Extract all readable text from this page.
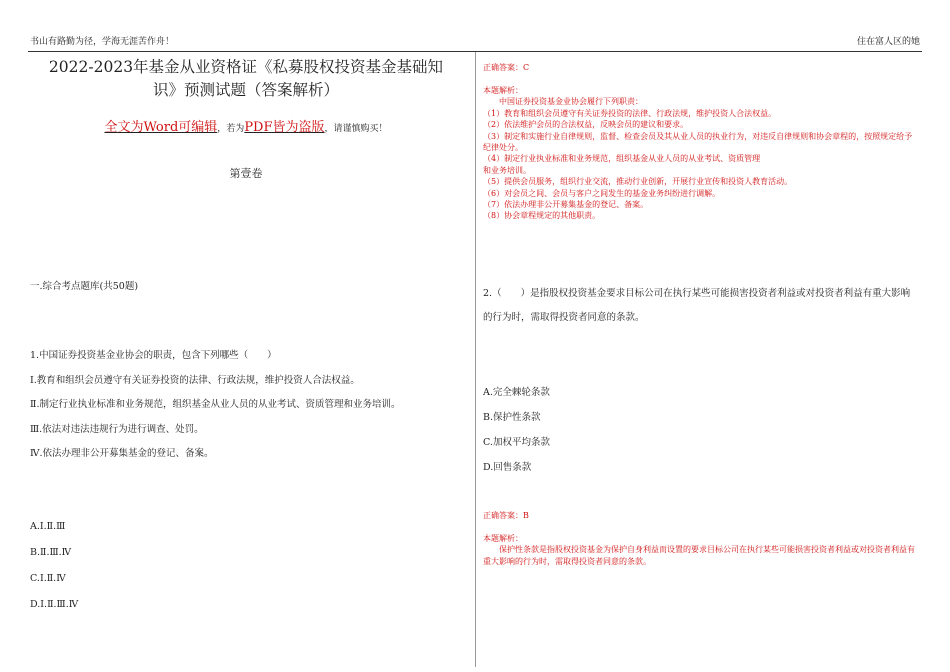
书山有路勤为径，学海无涯苦作舟！	住在富人区的她
2022-2023年基金从业资格证《私募股权投资基金基础知
识》预测试题（答案解析）
全文为Word可编辑，若为PDF皆为盗版，请谨慎购买！
第壹卷
一.综合考点题库(共50题)
1.中国证券投资基金业协会的职责，包含下列哪些（　　）
Ⅰ.教育和组织会员遵守有关证券投资的法律、行政法规，维护投资人合法权益。
Ⅱ.制定行业执业标准和业务规范，组织基金从业人员的从业考试、资质管理和业务培训。
Ⅲ.依法对违法违规行为进行调查、处罚。
Ⅳ.依法办理非公开募集基金的登记、备案。
A.Ⅰ.Ⅱ.Ⅲ
B.Ⅱ.Ⅲ.Ⅳ
C.Ⅰ.Ⅱ.Ⅳ
D.Ⅰ.Ⅱ.Ⅲ.Ⅳ
正确答案：C
本题解析：
　　中国证券投资基金业协会履行下列职责：
（1）教育和组织会员遵守有关证券投资的法律、行政法规，维护投资人合法权益。
（2）依法维护会员的合法权益，反映会员的建议和要求。
（3）制定和实施行业自律规则，监督、检查会员及其从业人员的执业行为，对违反自律规则和协会章程的，按照规定给予纪律处分。
（4）制定行业执业标准和业务规范，组织基金从业人员的从业考试、资质管理
和业务培训。
（5）提供会员服务，组织行业交流，推动行业创新，开展行业宣传和投资人教育活动。
（6）对会员之间、会员与客户之间发生的基金业务纠纷进行调解。
（7）依法办理非公开募集基金的登记、备案。
（8）协会章程规定的其他职责。
2.（　　）是指股权投资基金要求目标公司在执行某些可能损害投资者利益或对投资者利益有重大影响的行为时，需取得投资者同意的条款。
A.完全棘轮条款
B.保护性条款
C.加权平均条款
D.回售条款
正确答案：B
本题解析：
　　保护性条款是指股权投资基金为保护自身利益而设置的要求目标公司在执行某些可能损害投资者利益或对投资者利益有重大影响的行为时，需取得投资者同意的条款。
